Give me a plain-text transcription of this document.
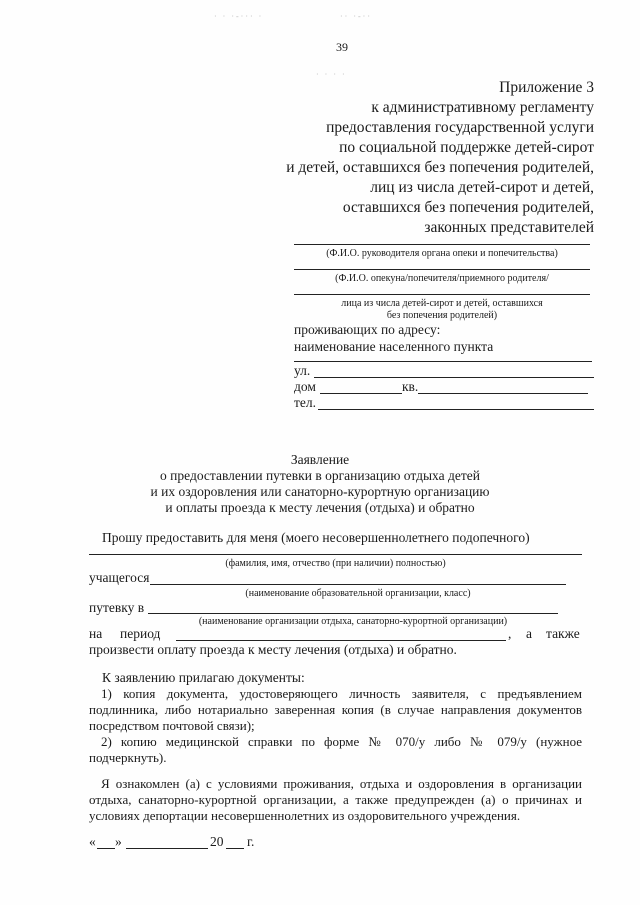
· · ·-··· ·	·· ·-··
· · · ·
39
Приложение 3
к административному регламенту
предоставления государственной услуги
по социальной поддержке детей-сирот
и детей, оставшихся без попечения родителей,
лиц из числа детей-сирот и детей,
оставшихся без попечения родителей,
законных представителей
(Ф.И.О. руководителя органа опеки и попечительства)
(Ф.И.О. опекуна/попечителя/приемного родителя/
лица из числа детей-сирот и детей, оставшихся
без попечения родителей)
проживающих по адресу:
наименование населенного пункта
ул.
дом	кв.
тел.
Заявление
о предоставлении путевки в организацию отдыха детей
и их оздоровления или санаторно-курортную организацию
и оплаты проезда к месту лечения (отдыха) и обратно
Прошу предоставить для меня (моего несовершеннолетнего подопечного)
(фамилия, имя, отчество (при наличии) полностью)
учащегося
(наименование образовательной организации, класс)
путевку в
(наименование организации отдыха, санаторно-курортной организации)
на период	, а также
произвести оплату проезда к месту лечения (отдыха) и обратно.
К заявлению прилагаю документы:
1) копия документа, удостоверяющего личность заявителя, с предъявлением подлинника, либо нотариально заверенная копия (в случае направления документов посредством почтовой связи);
2) копию медицинской справки по форме № 070/у либо № 079/у (нужное подчеркнуть).
Я ознакомлен (а) с условиями проживания, отдыха и оздоровления в организации отдыха, санаторно-курортной организации, а также предупрежден (а) о причинах и условиях депортации несовершеннолетних из оздоровительного учреждения.
« »	20 г.
